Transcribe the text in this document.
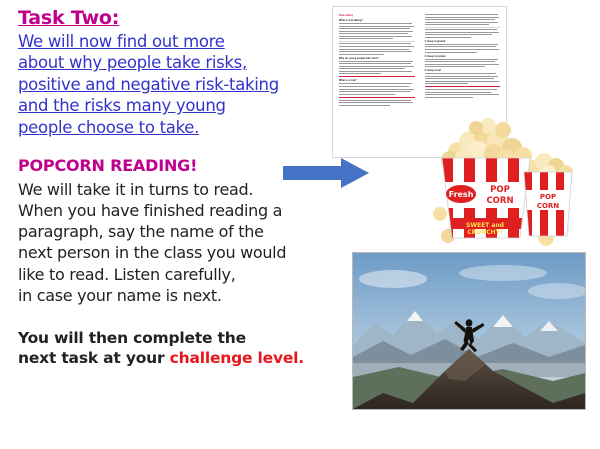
Task Two:
We will now find out more
about why people take risks,
positive and negative risk-taking
and the risks many young
people choose to take.
POPCORN READING!
We will take it in turns to read.
When you have finished reading a
paragraph, say the name of the
next person in the class you would
like to read. Listen carefully,
in case your name is next.
You will then complete the
next task at your challenge level.
Risk-taking
What is risk-taking?
Why do young people take risks?
What is a risk?
1. Keep it general
2. Keep it positive
3. Keep it real
Fresh POP
CORN
SWEET and
CRUNCHY!
POP
CORN
